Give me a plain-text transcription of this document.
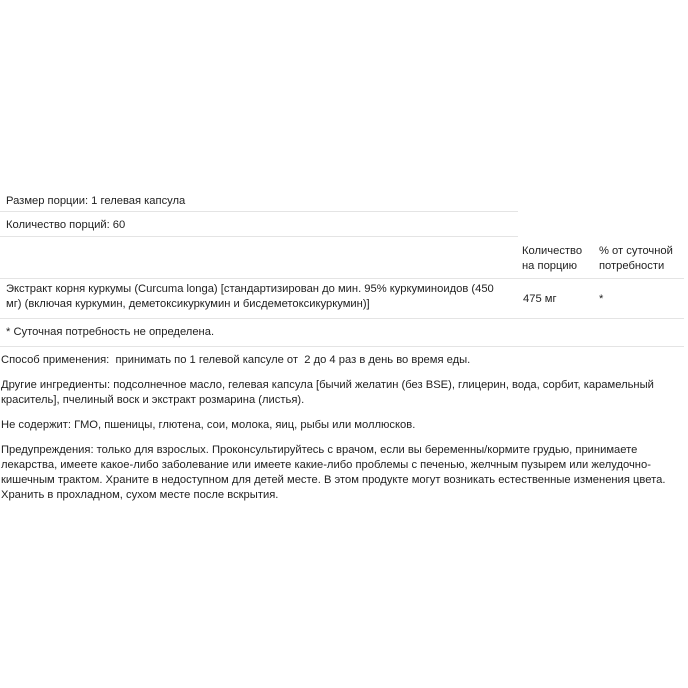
Размер порции: 1 гелевая капсула
Количество порций: 60
Количество на порцию
% от суточной потребности
Экстракт корня куркумы (Curcuma longa) [стандартизирован до мин. 95% куркуминоидов (450 мг) (включая куркумин, деметоксикуркумин и бисдеметоксикуркумин)]	475 мг	*
* Суточная потребность не определена.

Способ применения:  принимать по 1 гелевой капсуле от  2 до 4 раз в день во время еды.

Другие ингредиенты: подсолнечное масло, гелевая капсула [бычий желатин (без BSE), глицерин, вода, сорбит, карамельный краситель], пчелиный воск и экстракт розмарина (листья).

Не содержит: ГМО, пшеницы, глютена, сои, молока, яиц, рыбы или моллюсков.

Предупреждения: только для взрослых. Проконсультируйтесь с врачом, если вы беременны/кормите грудью, принимаете лекарства, имеете какое-либо заболевание или имеете какие-либо проблемы с печенью, желчным пузырем или желудочно-кишечным трактом. Храните в недоступном для детей месте. В этом продукте могут возникать естественные изменения цвета. Хранить в прохладном, сухом месте после вскрытия.
